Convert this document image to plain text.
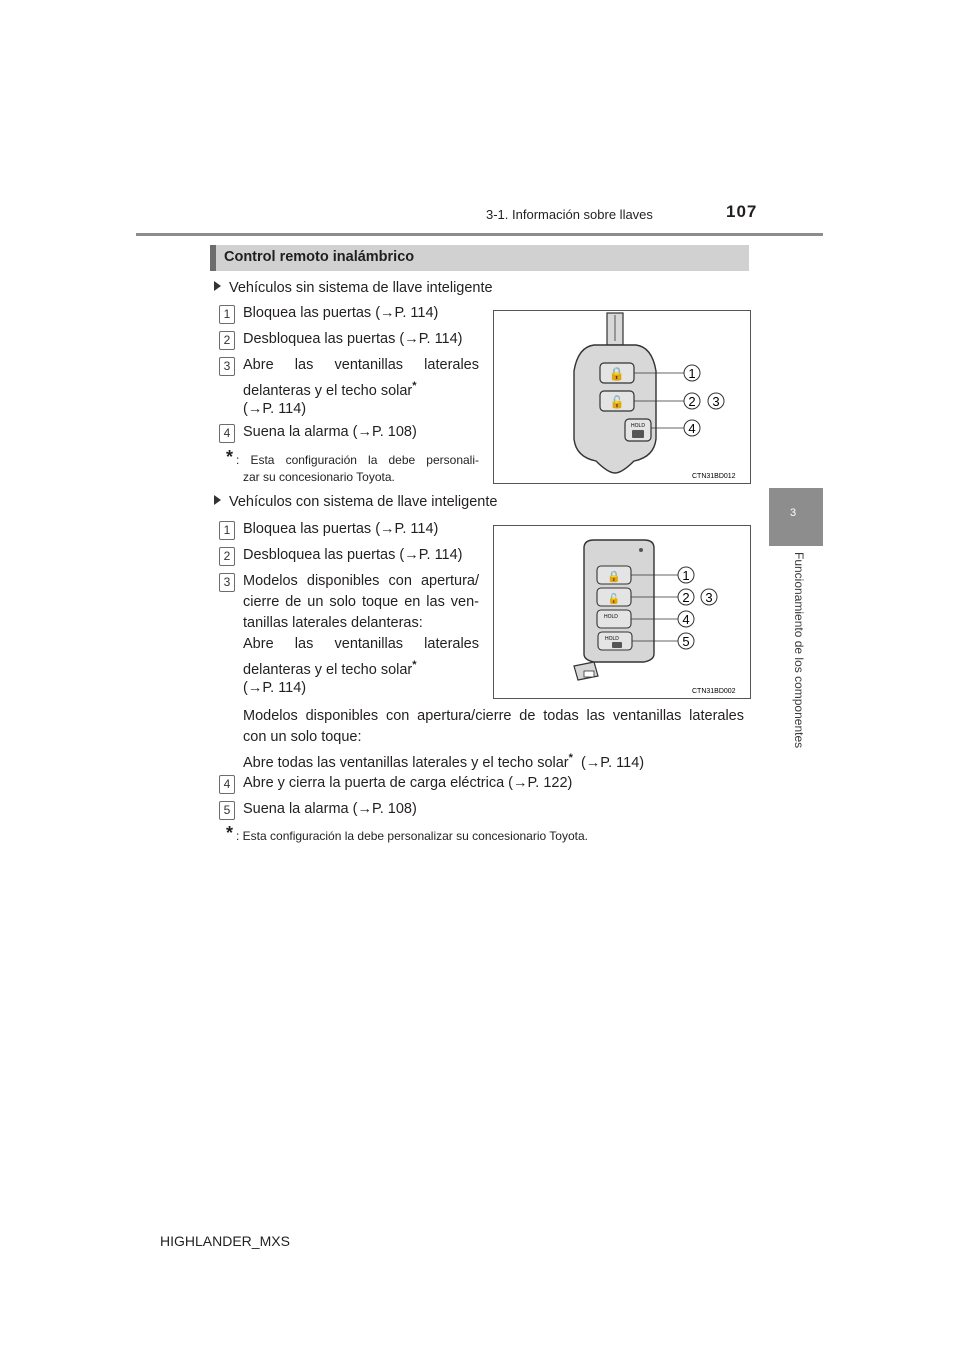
3-1. Información sobre llaves	107
3
Funcionamiento de los componentes
Control remoto inalámbrico
Vehículos sin sistema de llave inteligente
1 Bloquea las puertas (→P. 114)
2 Desbloquea las puertas (→P. 114)
3 Abre las ventanillas laterales
delanteras y el techo solar*
(→P. 114)
4 Suena la alarma (→P. 108)
* : Esta configuración la debe personali-
zar su concesionario Toyota.
🔒
🔓
HOLD
1
2 3
4
CTN31BD012
Vehículos con sistema de llave inteligente
1 Bloquea las puertas (→P. 114)
2 Desbloquea las puertas (→P. 114)
3 Modelos disponibles con apertura/
cierre de un solo toque en las ven-
tanillas laterales delanteras:
Abre las ventanillas laterales
delanteras y el techo solar*
(→P. 114)
Modelos disponibles con apertura/cierre de todas las ventanillas laterales
con un solo toque:
Abre todas las ventanillas laterales y el techo solar* (→P. 114)
4 Abre y cierra la puerta de carga eléctrica (→P. 122)
5 Suena la alarma (→P. 108)
* : Esta configuración la debe personalizar su concesionario Toyota.
🔒
🔓
HOLD
HOLD
1
2 3
4
5
CTN31BD002
HIGHLANDER_MXS
